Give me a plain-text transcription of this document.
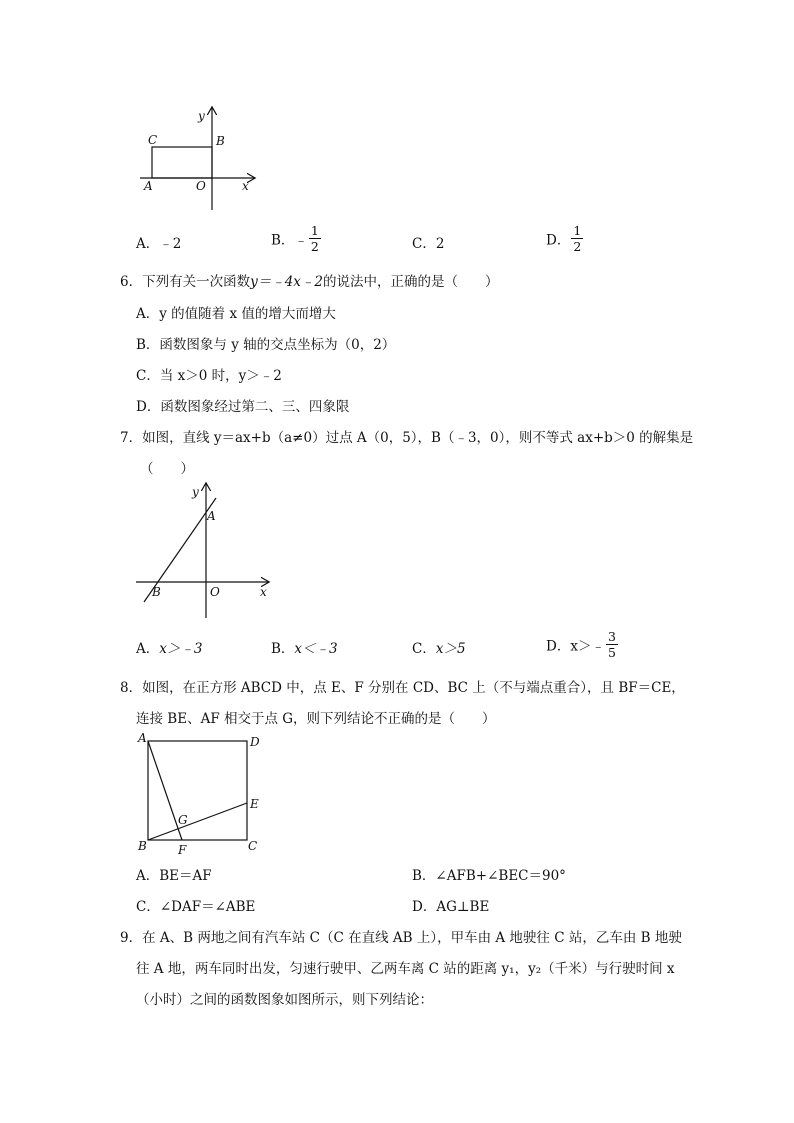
y
x
C	B
A	O
A．﹣2	B．﹣ $\frac{1}{2}$	C．2	D． $\frac{1}{2}$
6．下列有关一次函数y＝﹣4x﹣2的说法中，正确的是（　　）
A．y 的值随着 x 值的增大而增大
B．函数图象与 y 轴的交点坐标为（0，2）
C．当 x＞0 时，y＞﹣2
D．函数图象经过第二、三、四象限
7．如图，直线 y＝ax+b（a≠0）过点 A（0，5），B（﹣3，0），则不等式 ax+b＞0 的解集是
（　　）
y
x
A
B	O
A．x＞﹣3	B．x＜﹣3	C．x＞5	D．x＞﹣ $\frac{3}{5}$
8．如图，在正方形 ABCD 中，点 E、F 分别在 CD、BC 上（不与端点重合），且 BF＝CE，
连接 BE、AF 相交于点 G，则下列结论不正确的是（　　）
A	D
E
G
B	F	C
A．BE＝AF	B．∠AFB+∠BEC＝90°
C．∠DAF＝∠ABE	D．AG⊥BE
9．在 A、B 两地之间有汽车站 C（C 在直线 AB 上），甲车由 A 地驶往 C 站，乙车由 B 地驶
往 A 地，两车同时出发，匀速行驶甲、乙两车离 C 站的距离 y₁，y₂（千米）与行驶时间 x
（小时）之间的函数图象如图所示，则下列结论：
